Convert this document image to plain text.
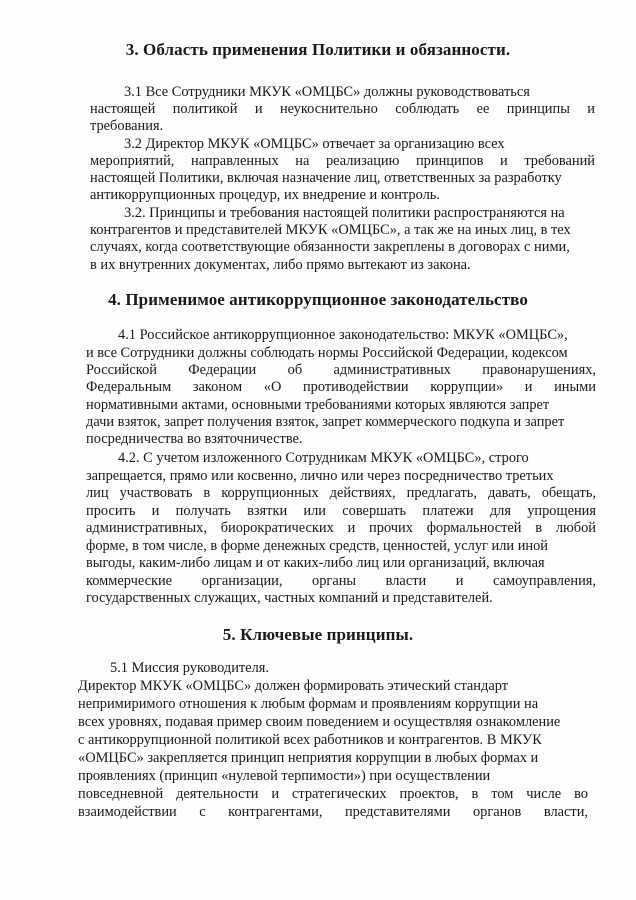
3. Область применения Политики и обязанности.

3.1 Все Сотрудники МКУК «ОМЦБС» должны руководствоваться

настоящей политикой и неукоснительно соблюдать ее принципы и

требования.

3.2 Директор МКУК «ОМЦБС» отвечает за организацию всех

мероприятий, направленных на реализацию принципов и требований

настоящей Политики, включая назначение лиц, ответственных за разработку

антикоррупционных процедур, их внедрение и контроль.

3.2. Принципы и требования настоящей политики распространяются на

контрагентов и представителей МКУК «ОМЦБС», а так же на иных лиц, в тех

случаях, когда соответствующие обязанности закреплены в договорах с ними,

в их внутренних документах, либо прямо вытекают из закона.

4. Применимое антикоррупционное законодательство

4.1 Российское антикоррупционное законодательство: МКУК «ОМЦБС»,

и все Сотрудники должны соблюдать нормы Российской Федерации, кодексом

Российской Федерации об административных правонарушениях,

Федеральным законом «О противодействии коррупции» и иными

нормативными актами, основными требованиями которых являются запрет

дачи взяток, запрет получения взяток, запрет коммерческого подкупа и запрет

посредничества во взяточничестве.

4.2. С учетом изложенного Сотрудникам МКУК «ОМЦБС», строго

запрещается, прямо или косвенно, лично или через посредничество третьих

лиц участвовать в коррупционных действиях, предлагать, давать, обещать,

просить и получать взятки или совершать платежи для упрощения

административных, биорократических и прочих формальностей в любой

форме, в том числе, в форме денежных средств, ценностей, услуг или иной

выгоды, каким-либо лицам и от каких-либо лиц или организаций, включая

коммерческие организации, органы власти и самоуправления,

государственных служащих, частных компаний и представителей.

5. Ключевые принципы.

5.1 Миссия руководителя.

Директор МКУК «ОМЦБС» должен формировать этический стандарт

непримиримого отношения к любым формам и проявлениям коррупции на

всех уровнях, подавая пример своим поведением и осуществляя ознакомление

с антикоррупционной политикой всех работников и контрагентов. В МКУК

«ОМЦБС» закрепляется принцип неприятия коррупции в любых формах и

проявлениях (принцип «нулевой терпимости») при осуществлении

повседневной деятельности и стратегических проектов, в том числе во

взаимодействии с контрагентами, представителями органов власти,
